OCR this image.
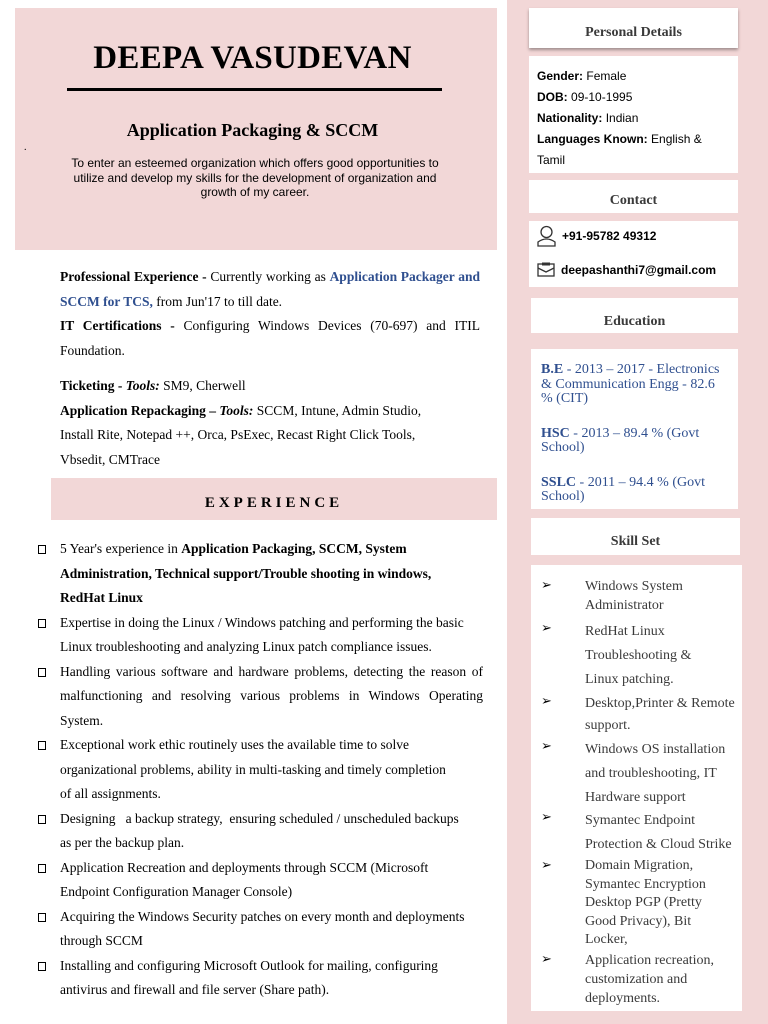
DEEPA VASUDEVAN
.
Application Packaging & SCCM
To enter an esteemed organization which offers good opportunities to utilize and develop my skills for the development of organization and growth of my career.

Professional Experience - Currently working as Application Packager and SCCM for TCS, from Jun'17 to till date.

IT Certifications - Configuring Windows Devices (70-697) and ITIL Foundation.

Ticketing - Tools: SM9, Cherwell

Application Repackaging – Tools: SCCM, Intune, Admin Studio,

Install Rite, Notepad ++, Orca, PsExec, Recast Right Click Tools,

Vbsedit, CMTrace

EXPERIENCE
5 Year's experience in Application Packaging, SCCM, System
Administration, Technical support/Trouble shooting in windows,
RedHat Linux
Expertise in doing the Linux / Windows patching and performing the basic
Linux troubleshooting and analyzing Linux patch compliance issues.
Handling various software and hardware problems, detecting the reason of malfunctioning and resolving various problems in Windows Operating System.
Exceptional work ethic routinely uses the available time to solve
organizational problems, ability in multi-tasking and timely completion
of all assignments.
Designing   a backup strategy,  ensuring scheduled / unscheduled backups
as per the backup plan.
Application Recreation and deployments through SCCM (Microsoft
Endpoint Configuration Manager Console)
Acquiring the Windows Security patches on every month and deployments
through SCCM
Installing and configuring Microsoft Outlook for mailing, configuring
antivirus and firewall and file server (Share path).
Personal Details
Gender: Female
DOB: 09-10-1995
Nationality: Indian
Languages Known: English &
Tamil
Contact
+91-95782 49312
deepashanthi7@gmail.com
Education

B.E - 2013 – 2017 - Electronics & Communication Engg - 82.6 % (CIT)

HSC - 2013 – 89.4 % (Govt School)

SSLC - 2011 – 94.4 % (Govt School)

Skill Set
➢ Windows System
Administrator
➢ RedHat Linux
Troubleshooting &
Linux patching.
➢ Desktop,Printer & Remote
support.
➢ Windows OS installation
and troubleshooting, IT
Hardware support
➢ Symantec Endpoint
Protection & Cloud Strike
➢ Domain Migration,
Symantec Encryption
Desktop PGP (Pretty
Good Privacy), Bit
Locker,
➢ Application recreation,
customization and
deployments.
